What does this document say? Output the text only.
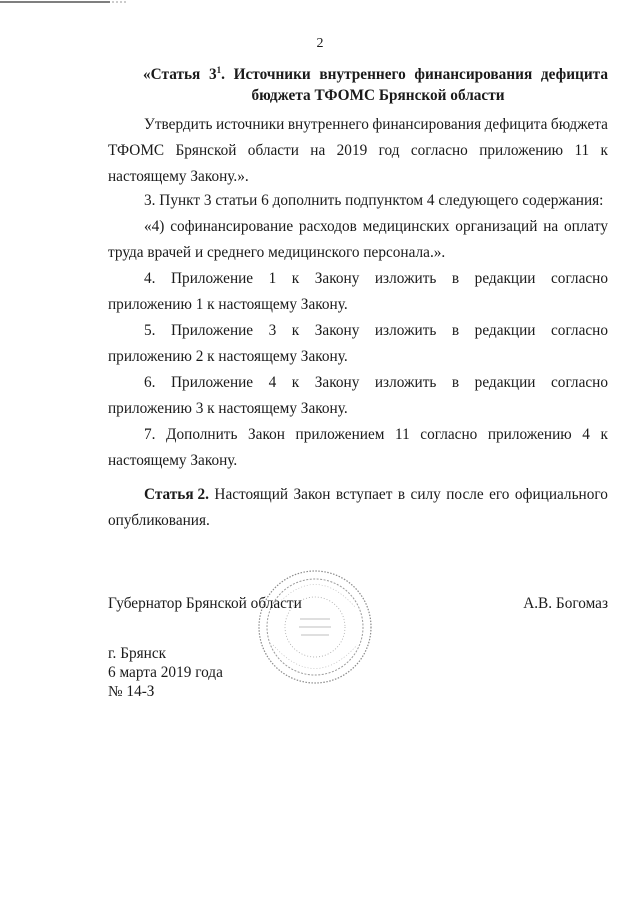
2
«Статья $3^1$. Источники внутреннего финансирования дефицита
бюджета ТФОМС Брянской области
Утвердить источники внутреннего финансирования дефицита бюджета
ТФОМС Брянской области на 2019 год согласно приложению 11 к
настоящему Закону.».
3. Пункт 3 статьи 6 дополнить подпунктом 4 следующего содержания:
«4) софинансирование расходов медицинских организаций на оплату
труда врачей и среднего медицинского персонала.».
4. Приложение 1 к Закону изложить в редакции согласно
приложению 1 к настоящему Закону.
5. Приложение 3 к Закону изложить в редакции согласно
приложению 2 к настоящему Закону.
6. Приложение 4 к Закону изложить в редакции согласно
приложению 3 к настоящему Закону.
7. Дополнить Закон приложением 11 согласно приложению 4 к
настоящему Закону.
Статья 2. Настоящий Закон вступает в силу после его официального
опубликования.
Губернатор Брянской области	А.В. Богомаз
г. Брянск
6 марта 2019 года
№ 14-З
